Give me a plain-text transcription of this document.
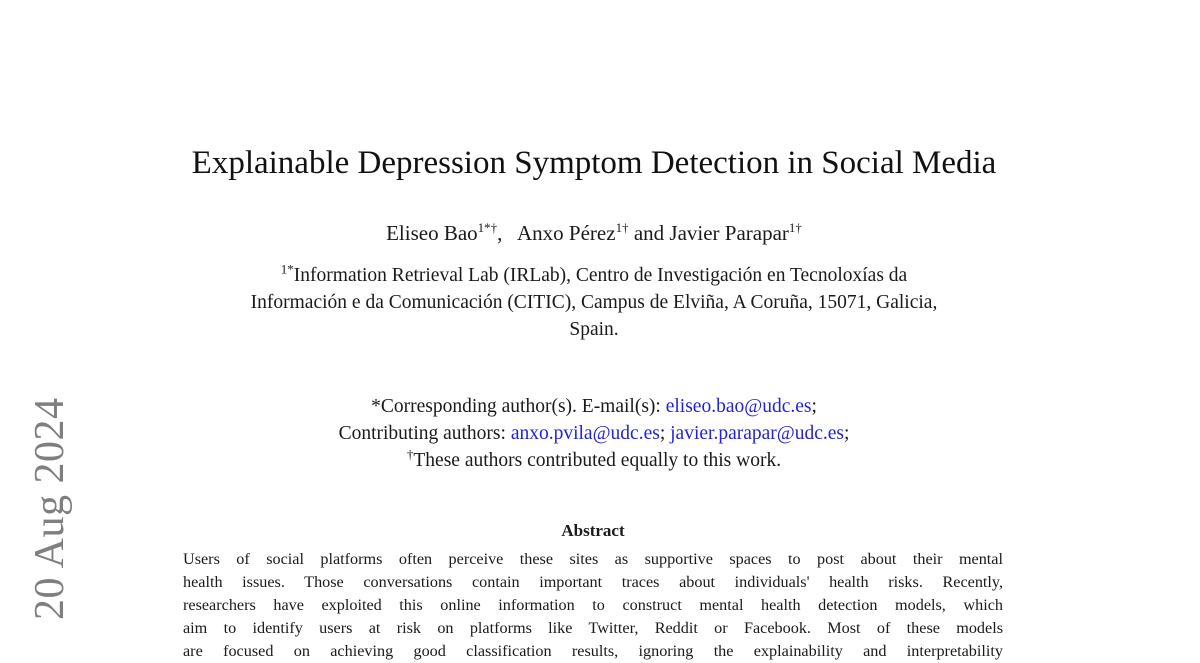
20 Aug 2024
Explainable Depression Symptom Detection in Social Media
Eliseo Bao$^{1*\dagger}$, Anxo Pérez$^{1\dagger}$ and Javier Parapar$^{1\dagger}$
$^{1*}$Information Retrieval Lab (IRLab), Centro de Investigación en Tecnoloxías da
Información e da Comunicación (CITIC), Campus de Elviña, A Coruña, 15071, Galicia,
Spain.
*Corresponding author(s). E-mail(s): eliseo.bao@udc.es;
Contributing authors: anxo.pvila@udc.es; javier.parapar@udc.es;
†These authors contributed equally to this work.
Abstract
Users of social platforms often perceive these sites as supportive spaces to post about their mental
health issues. Those conversations contain important traces about individuals' health risks. Recently,
researchers have exploited this online information to construct mental health detection models, which
aim to identify users at risk on platforms like Twitter, Reddit or Facebook. Most of these models
are focused on achieving good classification results, ignoring the explainability and interpretability
